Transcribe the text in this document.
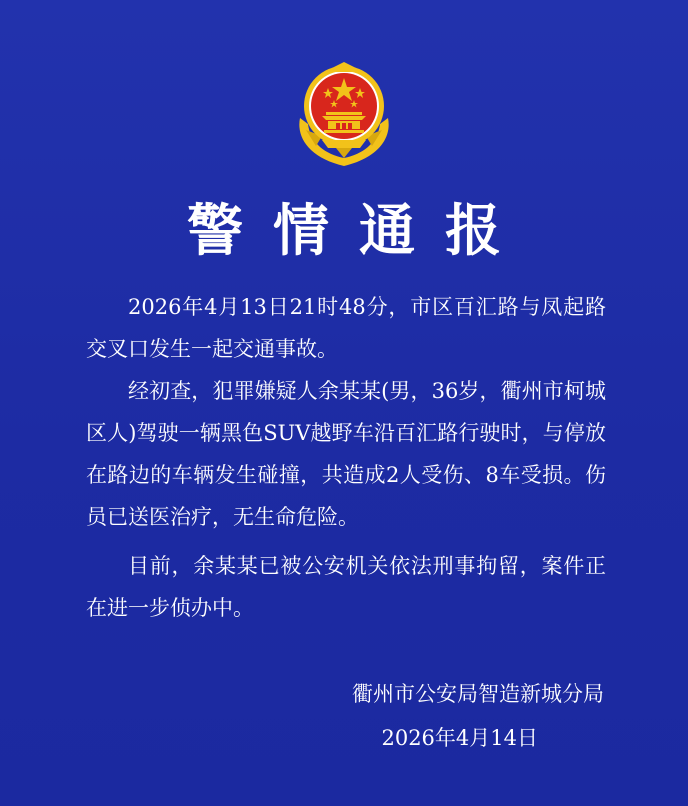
警情通报

2026年4月13日21时48分，市区百汇路与凤起路交叉口发生一起交通事故。

经初查，犯罪嫌疑人余某某(男，36岁，衢州市柯城区人)驾驶一辆黑色SUV越野车沿百汇路行驶时，与停放在路边的车辆发生碰撞，共造成2人受伤、8车受损。伤员已送医治疗，无生命危险。

目前，余某某已被公安机关依法刑事拘留，案件正在进一步侦办中。

衢州市公安局智造新城分局
2026年4月14日
